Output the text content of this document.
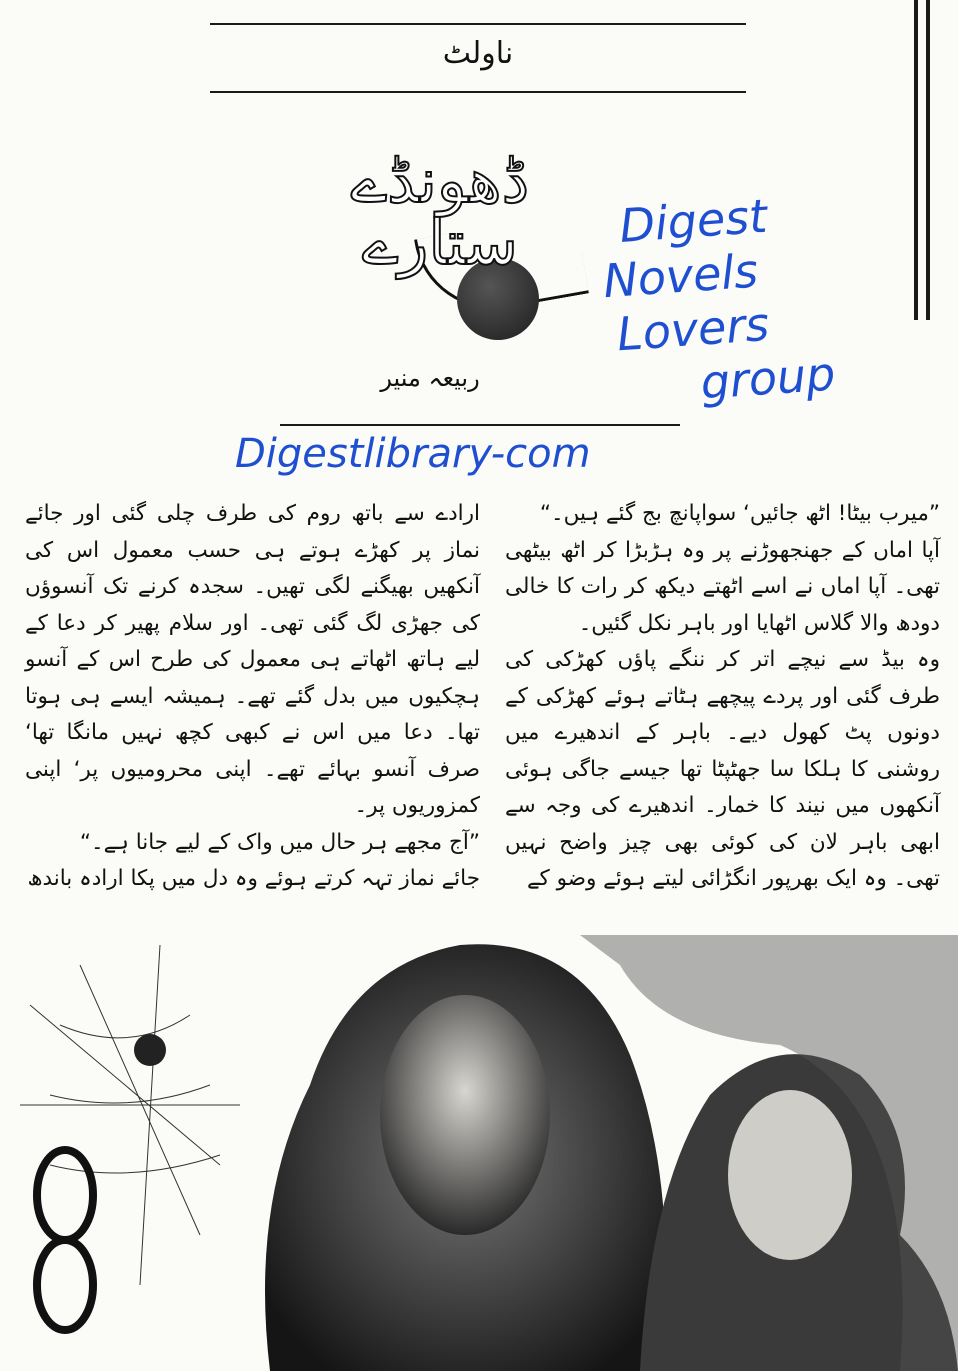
ناولٹ
ڈھونڈے ستارے
ربیعہ منیر
Digest
Novels
Lovers
group
Digestlibrary-com

”میرب بیٹا! اٹھ جائیں‘ سواپانچ بج گئے ہیں۔“

آپا اماں کے جھنجھوڑنے پر وہ ہڑبڑا کر اٹھ بیٹھی تھی۔ آپا اماں نے اسے اٹھتے دیکھ کر رات کا خالی دودھ والا گلاس اٹھایا اور باہر نکل گئیں۔

وہ بیڈ سے نیچے اتر کر ننگے پاؤں کھڑکی کی طرف گئی اور پردے پیچھے ہٹاتے ہوئے کھڑکی کے دونوں پٹ کھول دیے۔ باہر کے اندھیرے میں روشنی کا ہلکا سا جھٹپٹا تھا جیسے جاگی ہوئی آنکھوں میں نیند کا خمار۔ اندھیرے کی وجہ سے ابھی باہر لان کی کوئی بھی چیز واضح نہیں تھی۔ وہ ایک بھرپور انگڑائی لیتے ہوئے وضو کے

ارادے سے باتھ روم کی طرف چلی گئی اور جائے نماز پر کھڑے ہوتے ہی حسب معمول اس کی آنکھیں بھیگنے لگی تھیں۔ سجدہ کرنے تک آنسوؤں کی جھڑی لگ گئی تھی۔ اور سلام پھیر کر دعا کے لیے ہاتھ اٹھاتے ہی معمول کی طرح اس کے آنسو ہچکیوں میں بدل گئے تھے۔ ہمیشہ ایسے ہی ہوتا تھا۔ دعا میں اس نے کبھی کچھ نہیں مانگا تھا‘ صرف آنسو بہائے تھے۔ اپنی محرومیوں پر‘ اپنی کمزوریوں پر۔

”آج مجھے ہر حال میں واک کے لیے جانا ہے۔“

جائے نماز تہہ کرتے ہوئے وہ دل میں پکا ارادہ باندھ
